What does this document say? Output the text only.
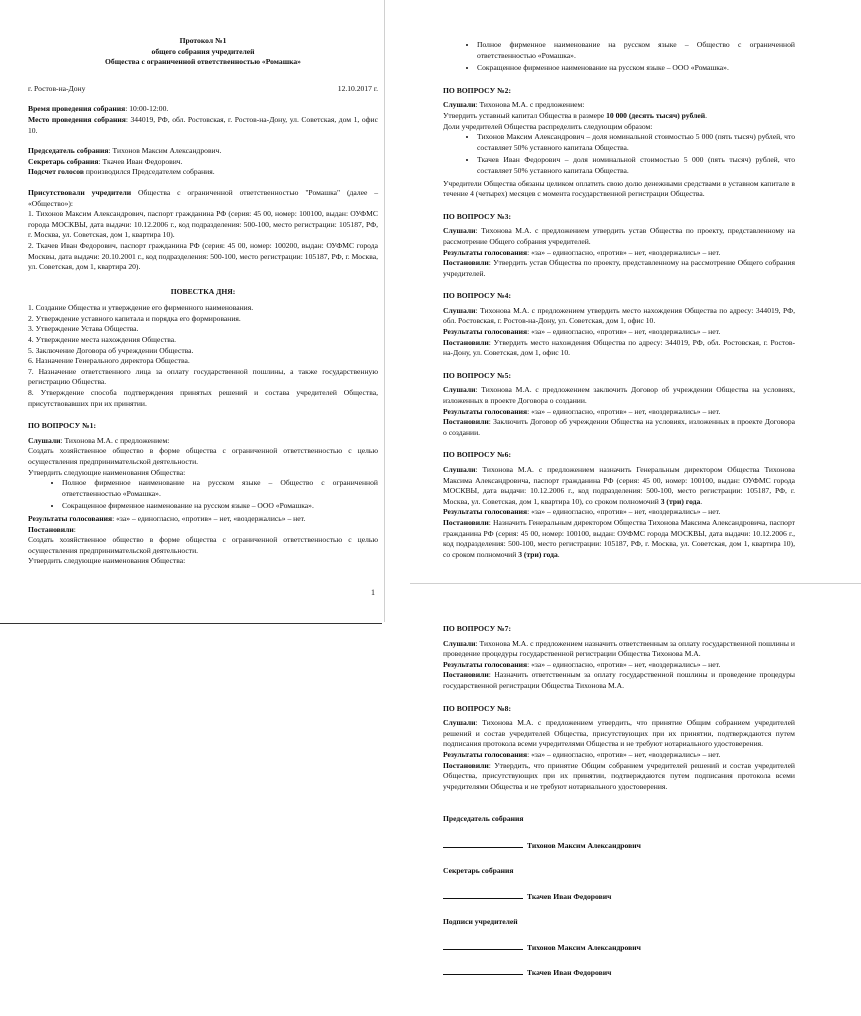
Протокол №1

общего собрания учредителей

Общества с ограниченной ответственностью «Ромашка»

г. Ростов-на-Дону	12.10.2017 г.

Время проведения собрания: 10:00-12:00.

Место проведения собрания: 344019, РФ, обл. Ростовская, г. Ростов-на-Дону, ул. Советская, дом 1, офис 10.

Председатель собрания: Тихонов Максим Александрович.

Секретарь собрания: Ткачев Иван Федорович.

Подсчет голосов производился Председателем собрания.

Присутствовали учредители Общества с ограниченной ответственностью "Ромашка" (далее – «Общество»):

1. Тихонов Максим Александрович, паспорт гражданина РФ (серия: 45 00, номер: 100100, выдан: ОУФМС города МОСКВЫ, дата выдачи: 10.12.2006 г., код подразделения: 500-100, место регистрации: 105187, РФ, г. Москва, ул. Советская, дом 1, квартира 10).

2. Ткачев Иван Федорович, паспорт гражданина РФ (серия: 45 00, номер: 100200, выдан: ОУФМС города Москвы, дата выдачи: 20.10.2001 г., код подразделения: 500-100, место регистрации: 105187, РФ, г. Москва, ул. Советская, дом 1, квартира 20).

ПОВЕСТКА ДНЯ:

1. Создание Общества и утверждение его фирменного наименования.
2. Утверждение уставного капитала и порядка его формирования.
3. Утверждение Устава Общества.
4. Утверждение места нахождения Общества.
5. Заключение Договора об учреждении Общества.
6. Назначение Генерального директора Общества.
7. Назначение ответственного лица за оплату государственной пошлины, а также государственную регистрацию Общества.
8. Утверждение способа подтверждения принятых решений и состава учредителей Общества, присутствовавших при их принятии.

ПО ВОПРОСУ №1:

Слушали: Тихонова М.А. с предложением:

Создать хозяйственное общество в форме общества с ограниченной ответственностью с целью осуществления предпринимательской деятельности.

Утвердить следующие наименования Общества:

• Полное фирменное наименование на русском языке – Общество с ограниченной ответственностью «Ромашка».
• Сокращенное фирменное наименование на русском языке – ООО «Ромашка».

Результаты голосования: «за» – единогласно, «против» – нет, «воздержались» – нет.

Постановили:

Создать хозяйственное общество в форме общества с ограниченной ответственностью с целью осуществления предпринимательской деятельности.

Утвердить следующие наименования Общества:

1
• Полное фирменное наименование на русском языке – Общество с ограниченной ответственностью «Ромашка».
• Сокращенное фирменное наименование на русском языке – ООО «Ромашка».

ПО ВОПРОСУ №2:

Слушали: Тихонова М.А. с предложением:

Утвердить уставный капитал Общества в размере 10 000 (десять тысяч) рублей.

Доли учредителей Общества распределить следующим образом:

• Тихонов Максим Александрович – доля номинальной стоимостью 5 000 (пять тысяч) рублей, что составляет 50% уставного капитала Общества.
• Ткачев Иван Федорович – доля номинальной стоимостью 5 000 (пять тысяч) рублей, что составляет 50% уставного капитала Общества.

Учредители Общества обязаны целиком оплатить свою долю денежными средствами в уставном капитале в течение 4 (четырех) месяцев с момента государственной регистрации Общества.

ПО ВОПРОСУ №3:

Слушали: Тихонова М.А. с предложением утвердить устав Общества по проекту, представленному на рассмотрение Общего собрания учредителей.

Результаты голосования: «за» – единогласно, «против» – нет, «воздержались» – нет.

Постановили: Утвердить устав Общества по проекту, представленному на рассмотрение Общего собрания учредителей.

ПО ВОПРОСУ №4:

Слушали: Тихонова М.А. с предложением утвердить место нахождения Общества по адресу: 344019, РФ, обл. Ростовская, г. Ростов-на-Дону, ул. Советская, дом 1, офис 10.

Результаты голосования: «за» – единогласно, «против» – нет, «воздержались» – нет.

Постановили: Утвердить место нахождения Общества по адресу: 344019, РФ, обл. Ростовская, г. Ростов-на-Дону, ул. Советская, дом 1, офис 10.

ПО ВОПРОСУ №5:

Слушали: Тихонова М.А. с предложением заключить Договор об учреждении Общества на условиях, изложенных в проекте Договора о создании.

Результаты голосования: «за» – единогласно, «против» – нет, «воздержались» – нет.

Постановили: Заключить Договор об учреждении Общества на условиях, изложенных в проекте Договора о создании.

ПО ВОПРОСУ №6:

Слушали: Тихонова М.А. с предложением назначить Генеральным директором Общества Тихонова Максима Александровича, паспорт гражданина РФ (серия: 45 00, номер: 100100, выдан: ОУФМС города МОСКВЫ, дата выдачи: 10.12.2006 г., код подразделения: 500-100, место регистрации: 105187, РФ, г. Москва, ул. Советская, дом 1, квартира 10), со сроком полномочий 3 (три) года.

Результаты голосования: «за» – единогласно, «против» – нет, «воздержались» – нет.

Постановили: Назначить Генеральным директором Общества Тихонова Максима Александровича, паспорт гражданина РФ (серия: 45 00, номер: 100100, выдан: ОУФМС города МОСКВЫ, дата выдачи: 10.12.2006 г., код подразделения: 500-100, место регистрации: 105187, РФ, г. Москва, ул. Советская, дом 1, квартира 10), со сроком полномочий 3 (три) года.

ПО ВОПРОСУ №7:

Слушали: Тихонова М.А. с предложением назначить ответственным за оплату государственной пошлины и проведение процедуры государственной регистрации Общества Тихонова М.А.

Результаты голосования: «за» – единогласно, «против» – нет, «воздержались» – нет.

Постановили: Назначить ответственным за оплату государственной пошлины и проведение процедуры государственной регистрации Общества Тихонова М.А.

ПО ВОПРОСУ №8:

Слушали: Тихонова М.А. с предложением утвердить, что принятие Общим собранием учредителей решений и состав учредителей Общества, присутствующих при их принятии, подтверждаются путем подписания протокола всеми учредителями Общества и не требуют нотариального удостоверения.

Результаты голосования: «за» – единогласно, «против» – нет, «воздержались» – нет.

Постановили: Утвердить, что принятие Общим собранием учредителей решений и состав учредителей Общества, присутствующих при их принятии, подтверждаются путем подписания протокола всеми учредителями Общества и не требуют нотариального удостоверения.

Председатель собрания

Тихонов Максим Александрович

Секретарь собрания

Ткачев Иван Федорович

Подписи учредителей

Тихонов Максим Александрович

Ткачев Иван Федорович
